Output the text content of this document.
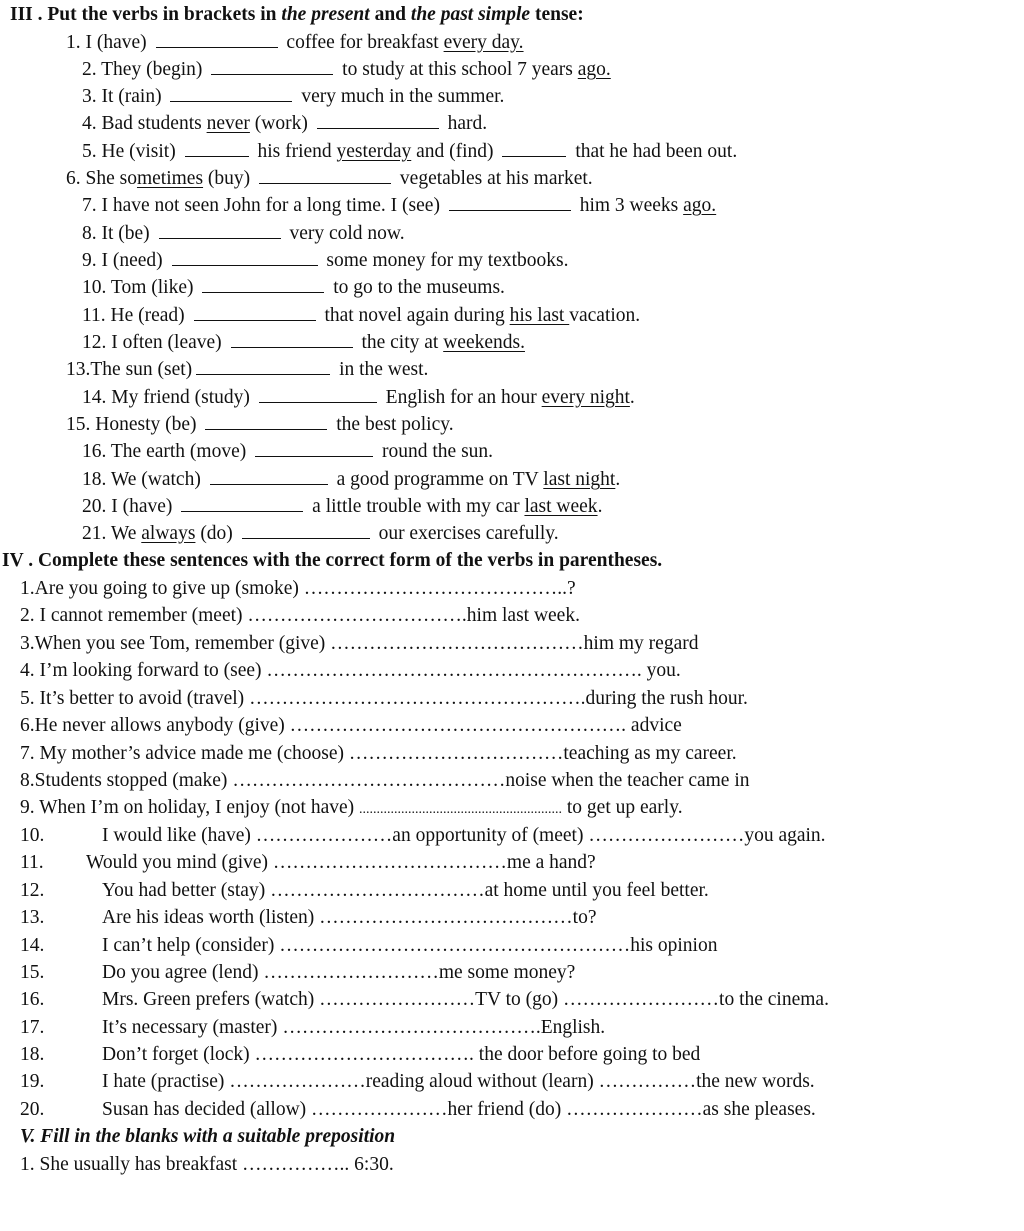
III . Put the verbs in brackets in the present and the past simple tense:
1. I (have)	coffee for breakfast every day.
2. They (begin)	to study at this school 7 years ago.
3. It (rain)	very much in the summer.
4. Bad students never (work)	hard.
5. He (visit)	his friend yesterday and (find)	that he had been out.
6. She sometimes (buy)	vegetables at his market.
7. I have not seen John for a long time. I (see)	him 3 weeks ago.
8. It (be)	very cold now.
9. I (need)	some money for my textbooks.
10. Tom (like)	to go to the museums.
11. He (read)	that novel again during his last vacation.
12. I often (leave)	the city at weekends.
13.The sun (set)	in the west.
14. My friend (study)	English for an hour every night.
15. Honesty (be)	the best policy.
16. The earth (move)	round the sun.
18. We (watch)	a good programme on TV last night.
20. I (have)	a little trouble with my car last week.
21. We always (do)	our exercises carefully.
IV . Complete these sentences with the correct form of the verbs in parentheses.
1.Are you going to give up (smoke) …………………………………..?
2. I cannot remember (meet) …………………………….him last week.
3.When you see Tom, remember (give) …………………………………him my regard
4. I’m looking forward to (see) …………………………………………………. you.
5. It’s better to avoid (travel) …………………………………………….during the rush hour.
6.He never allows anybody (give) ……………………………………………. advice
7. My mother’s advice made me (choose) ……………………………teaching as my career.
8.Students stopped (make) ……………………………………noise when the teacher came in
9. When I’m on holiday, I enjoy (not have) .......................................................... to get up early.
10.	I would like (have) …………………an opportunity of (meet) ……………………you again.
11. Would you mind (give) ………………………………me a hand?
12.	You had better (stay) ……………………………at home until you feel better.
13.	Are his ideas worth (listen) …………………………………to?
14.	I can’t help (consider) ………………………………………………his opinion
15.	Do you agree (lend) ………………………me some money?
16.	Mrs. Green prefers (watch) ……………………TV to (go) ……………………to the cinema.
17.	It’s necessary (master) ………………………………….English.
18.	Don’t forget (lock) ……………………………. the door before going to bed
19.	I hate (practise) …………………reading aloud without (learn) ……………the new words.
20.	Susan has decided (allow) …………………her friend (do) …………………as she pleases.
V. Fill in the blanks with a suitable preposition
1. She usually has breakfast …………….. 6:30.
